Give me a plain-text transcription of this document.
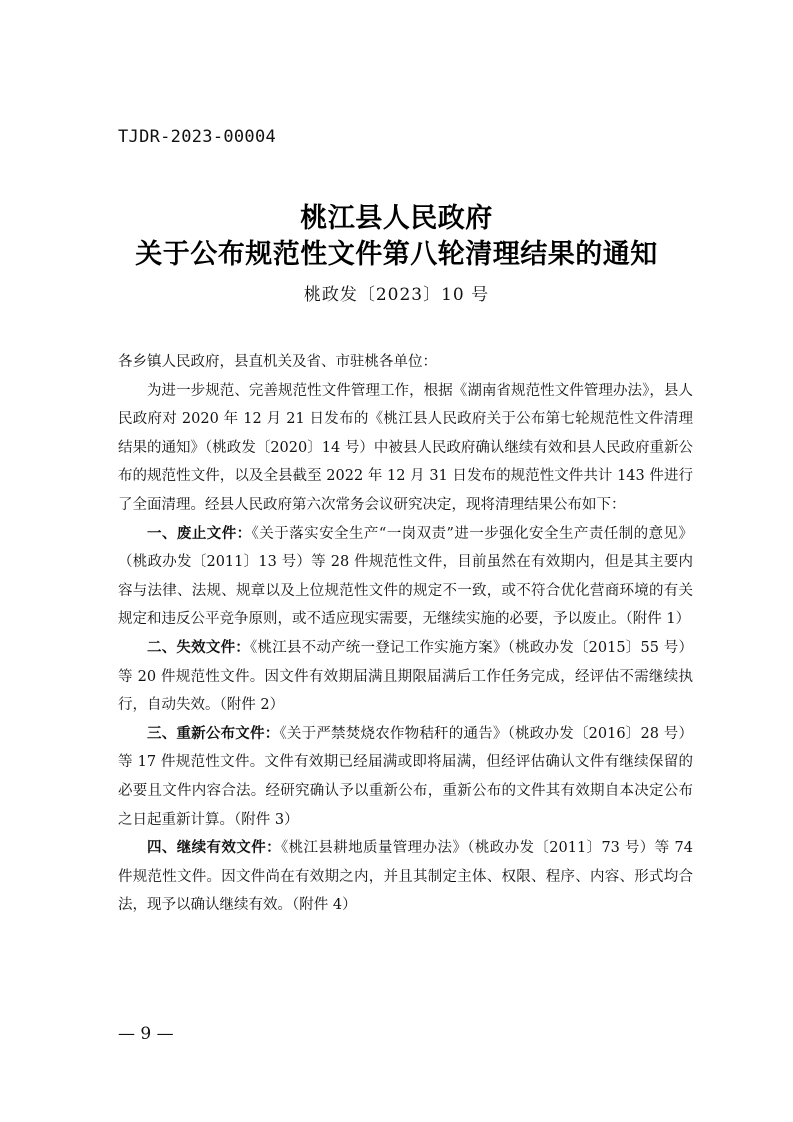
TJDR-2023-00004
桃江县人民政府
关于公布规范性文件第八轮清理结果的通知
桃政发〔2023〕10 号

各乡镇人民政府，县直机关及省、市驻桃各单位：

为进一步规范、完善规范性文件管理工作，根据《湖南省规范性文件管理办法》，县人民政府对 2020 年 12 月 21 日发布的《桃江县人民政府关于公布第七轮规范性文件清理结果的通知》（桃政发〔2020〕14 号）中被县人民政府确认继续有效和县人民政府重新公布的规范性文件，以及全县截至 2022 年 12 月 31 日发布的规范性文件共计 143 件进行了全面清理。经县人民政府第六次常务会议研究决定，现将清理结果公布如下：

一、废止文件：《关于落实安全生产“一岗双责”进一步强化安全生产责任制的意见》（桃政办发〔2011〕13 号）等 28 件规范性文件，目前虽然在有效期内，但是其主要内容与法律、法规、规章以及上位规范性文件的规定不一致，或不符合优化营商环境的有关规定和违反公平竞争原则，或不适应现实需要，无继续实施的必要，予以废止。（附件 1）

二、失效文件：《桃江县不动产统一登记工作实施方案》（桃政办发〔2015〕55 号）等 20 件规范性文件。因文件有效期届满且期限届满后工作任务完成，经评估不需继续执行，自动失效。（附件 2）

三、重新公布文件：《关于严禁焚烧农作物秸秆的通告》（桃政办发〔2016〕28 号）等 17 件规范性文件。文件有效期已经届满或即将届满，但经评估确认文件有继续保留的必要且文件内容合法。经研究确认予以重新公布，重新公布的文件其有效期自本决定公布之日起重新计算。（附件 3）

四、继续有效文件：《桃江县耕地质量管理办法》（桃政办发〔2011〕73 号）等 74 件规范性文件。因文件尚在有效期之内，并且其制定主体、权限、程序、内容、形式均合法，现予以确认继续有效。（附件 4）

— 9 —
